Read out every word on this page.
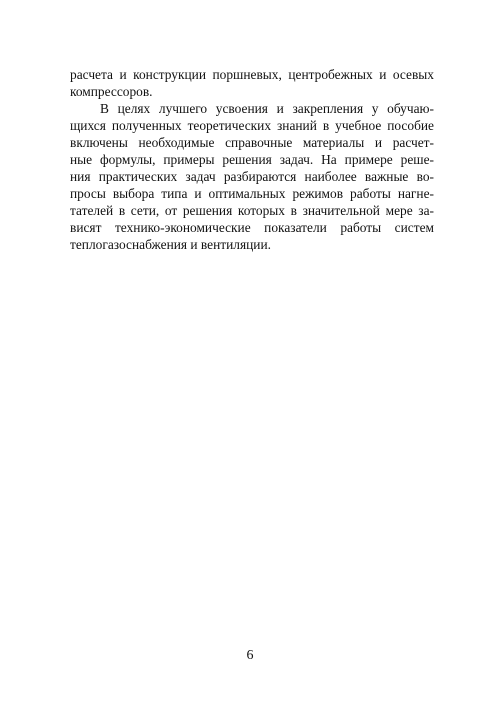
расчета и конструкции поршневых, центробежных и осевых
компрессоров.
В целях лучшего усвоения и закрепления у обучаю-
щихся полученных теоретических знаний в учебное пособие
включены необходимые справочные материалы и расчет-
ные формулы, примеры решения задач. На примере реше-
ния практических задач разбираются наиболее важные во-
просы выбора типа и оптимальных режимов работы нагне-
тателей в сети, от решения которых в значительной мере за-
висят технико-экономические показатели работы систем
теплогазоснабжения и вентиляции.
6
